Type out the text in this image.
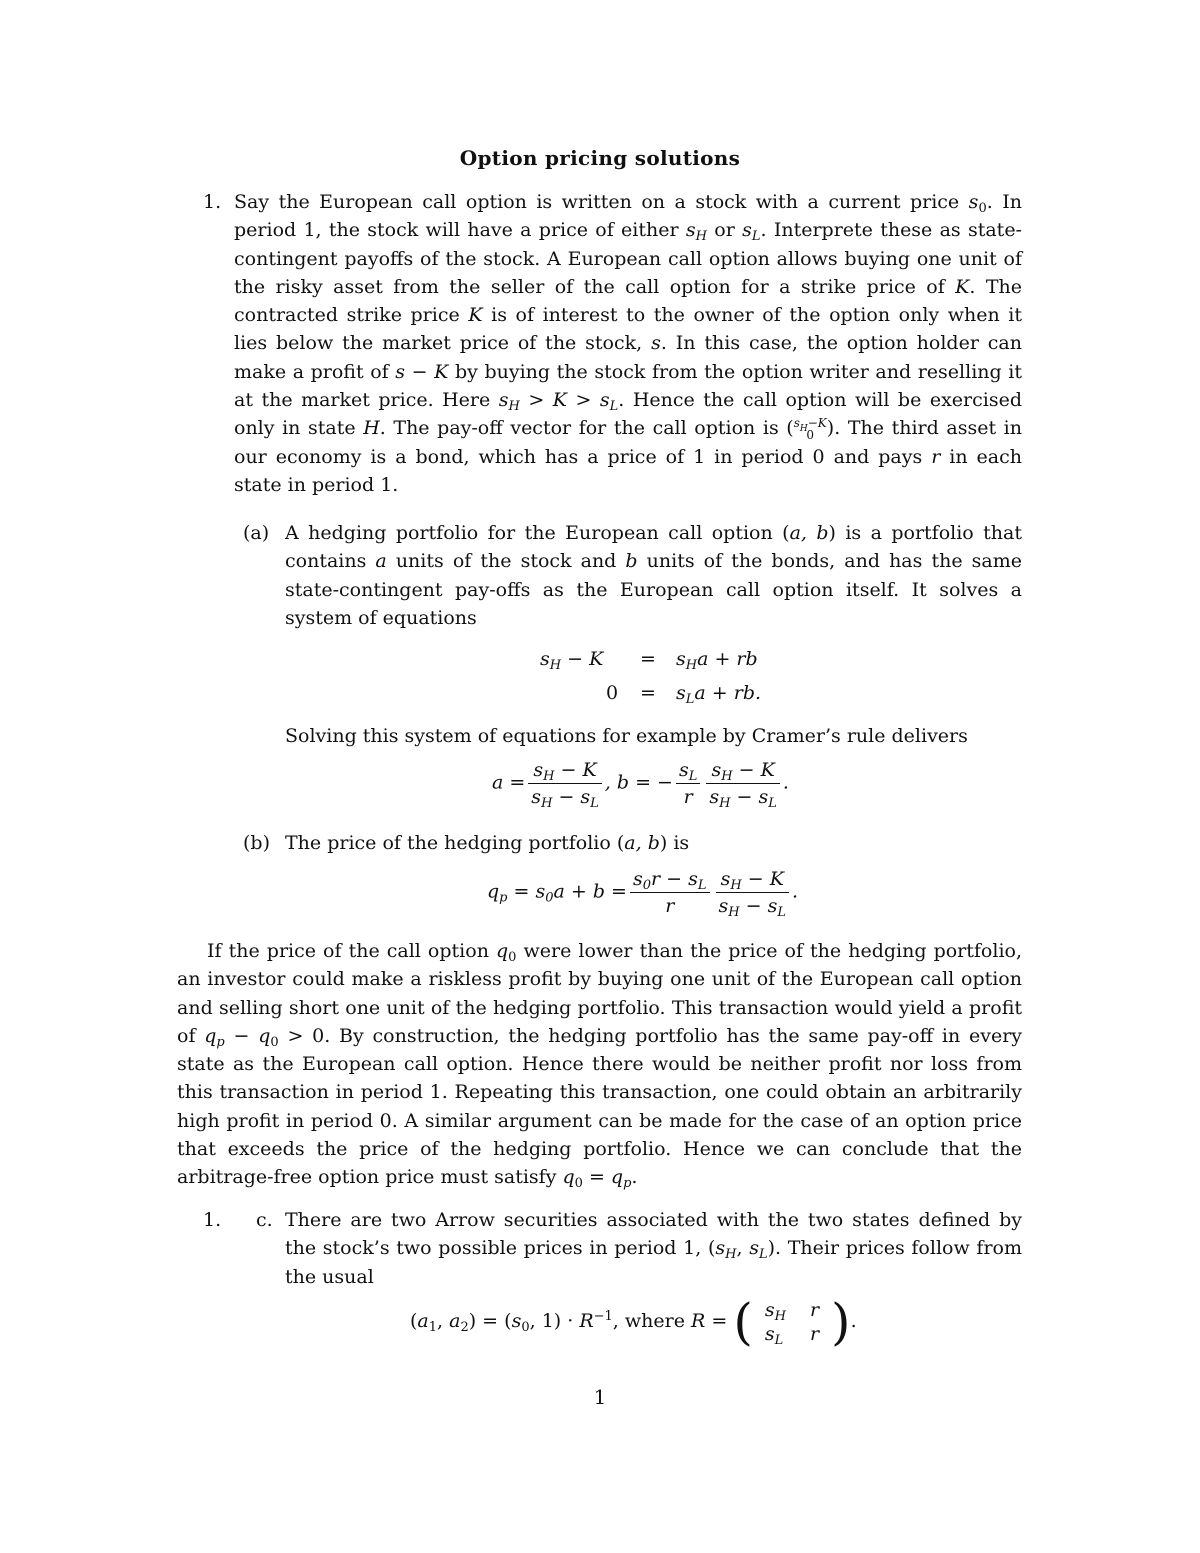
Option pricing solutions
1. Say the European call option is written on a stock with a current price $s_0$. In period 1, the stock will have a price of either $s_H$ or $s_L$. Interprete these as state-contingent payoffs of the stock. A European call option allows buying one unit of the risky asset from the seller of the call option for a strike price of K. The contracted strike price K is of interest to the owner of the option only when it lies below the market price of the stock, s. In this case, the option holder can make a profit of s − K by buying the stock from the option writer and reselling it at the market price. Here $s_H > K > s_L$. Hence the call option will be exercised only in state H. The pay-off vector for the call option is ( $s_H-K$
0 ). The third asset in our economy is a bond, which has a price of 1 in period 0 and pays r in each state in period 1.
(a) A hedging portfolio for the European call option (a, b) is a portfolio that contains a units of the stock and b units of the bonds, and has the same state-contingent pay-offs as the European call option itself. It solves a system of equations
$s_H - K = s_Ha$ + rb
$0 = s_La$ + rb.
Solving this system of equations for example by Cramer’s rule delivers
$a = \frac{s_H - K}{s_H - s_L}$ , b = − $\frac{s_L}{r} \frac{s_H - K}{s_H - s_L}$ .
(b) The price of the hedging portfolio (a, b) is
$q_p = s_0a + b = \frac{s_0r - s_L}{r} \frac{s_H - K}{s_H - s_L}$ .
If the price of the call option $q_0$ were lower than the price of the hedging portfolio, an investor could make a riskless profit by buying one unit of the European call option and selling short one unit of the hedging portfolio. This transaction would yield a profit of $q_p - q_0 > 0$. By construction, the hedging portfolio has the same pay-off in every state as the European call option. Hence there would be neither profit nor loss from this transaction in period 1. Repeating this transaction, one could obtain an arbitrarily high profit in period 0. A similar argument can be made for the case of an option price that exceeds the price of the hedging portfolio. Hence we can conclude that the arbitrage-free option price must satisfy $q_0 = q_p$.
1. c. There are two Arrow securities associated with the two states defined by the stock’s two possible prices in period 1, ($s_H$, $s_L$). Their prices follow from the usual
($a_1$, $a_2) = (s_0$, $1) \cdot R^{-1}$, where R = ( $s_H$	r
$s_L$	r ).
1
